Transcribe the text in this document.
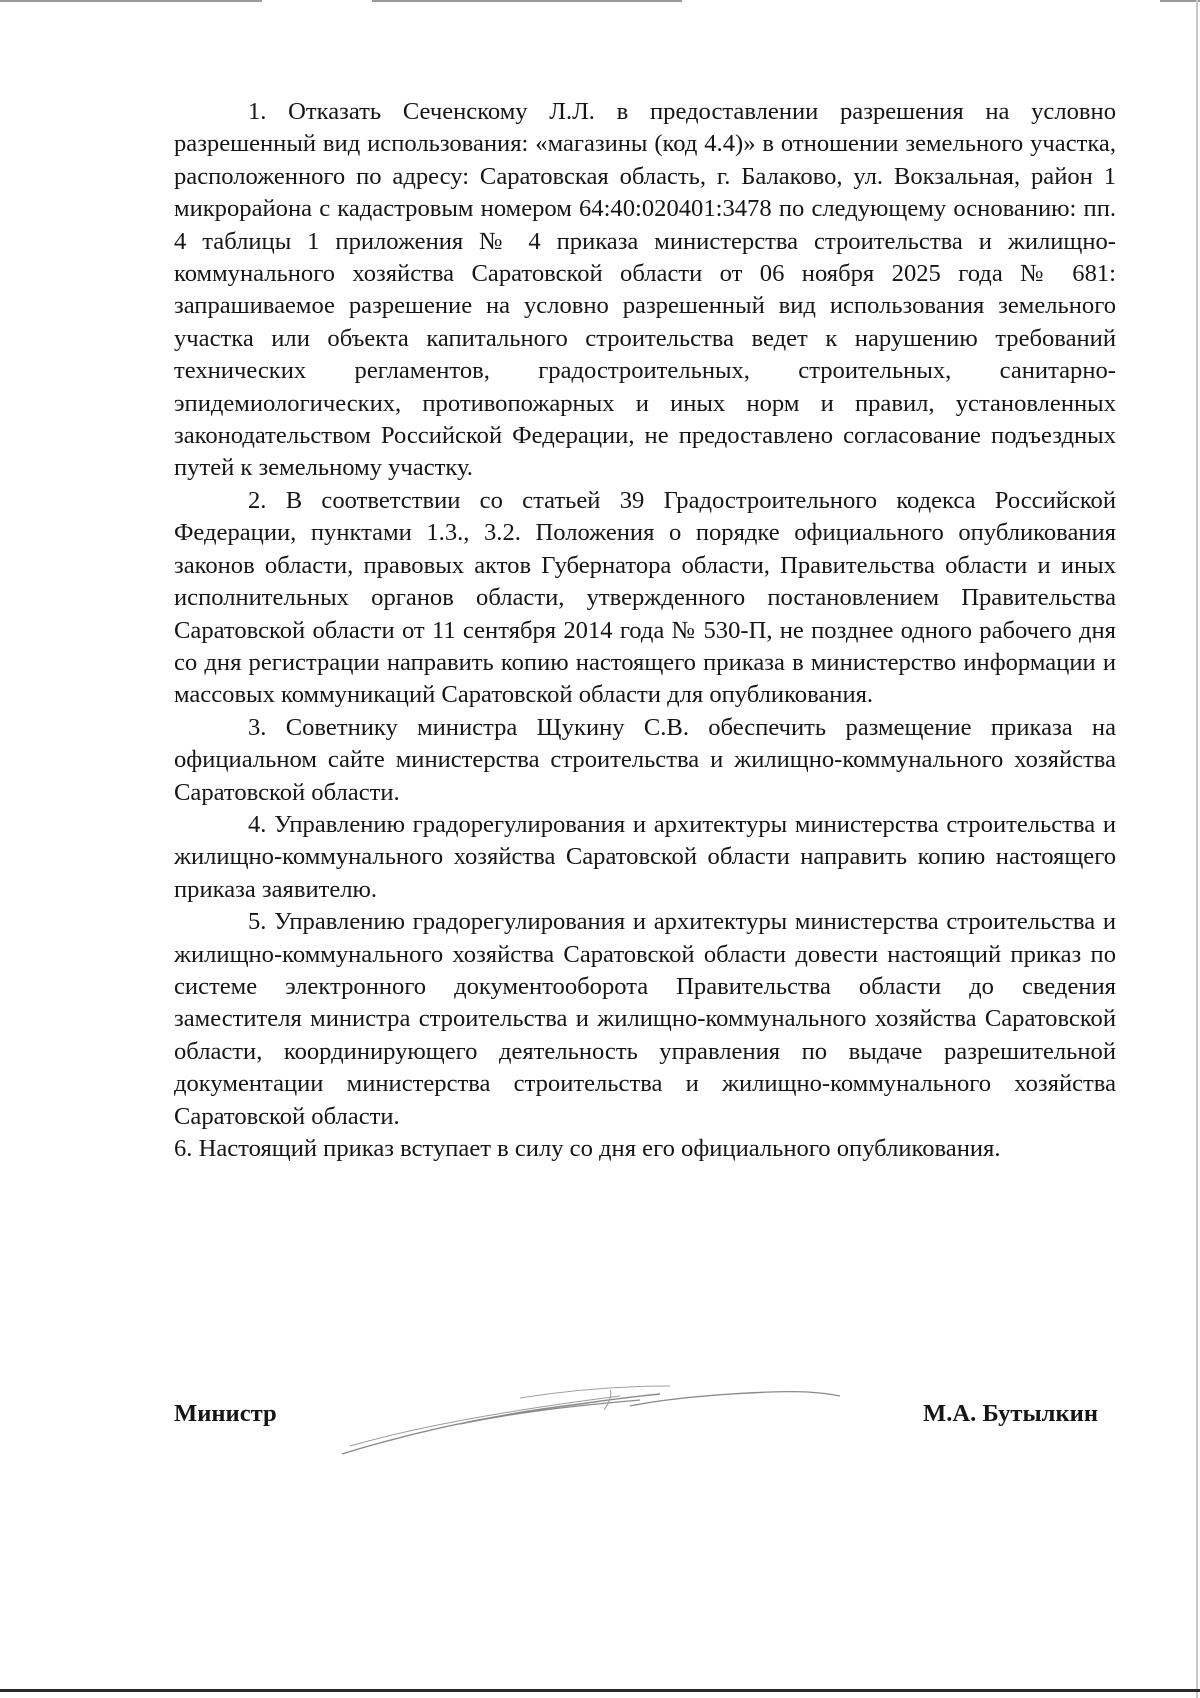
1. Отказать Сеченскому Л.Л. в предоставлении разрешения на условно разрешенный вид использования: «магазины (код 4.4)» в отношении земельного участка, расположенного по адресу: Саратовская область, г. Балаково, ул. Вокзальная, район 1 микрорайона с кадастровым номером 64:40:020401:3478 по следующему основанию: пп. 4 таблицы 1 приложения № 4 приказа министерства строительства и жилищно-коммунального хозяйства Саратовской области от 06 ноября 2025 года № 681: запрашиваемое разрешение на условно разрешенный вид использования земельного участка или объекта капитального строительства ведет к нарушению требований технических регламентов, градостроительных, строительных, санитарно-эпидемиологических, противопожарных и иных норм и правил, установленных законодательством Российской Федерации, не предоставлено согласование подъездных путей к земельному участку.

2. В соответствии со статьей 39 Градостроительного кодекса Российской Федерации, пунктами 1.3., 3.2. Положения о порядке официального опубликования законов области, правовых актов Губернатора области, Правительства области и иных исполнительных органов области, утвержденного постановлением Правительства Саратовской области от 11 сентября 2014 года № 530-П, не позднее одного рабочего дня со дня регистрации направить копию настоящего приказа в министерство информации и массовых коммуникаций Саратовской области для опубликования.

3. Советнику министра Щукину С.В. обеспечить размещение приказа на официальном сайте министерства строительства и жилищно-коммунального хозяйства Саратовской области.

4. Управлению градорегулирования и архитектуры министерства строительства и жилищно-коммунального хозяйства Саратовской области направить копию настоящего приказа заявителю.

5. Управлению градорегулирования и архитектуры министерства строительства и жилищно-коммунального хозяйства Саратовской области довести настоящий приказ по системе электронного документооборота Правительства области до сведения заместителя министра строительства и жилищно-коммунального хозяйства Саратовской области, координирующего деятельность управления по выдаче разрешительной документации министерства строительства и жилищно-коммунального хозяйства Саратовской области.

6. Настоящий приказ вступает в силу со дня его официального опубликования.

Министр	М.А. Бутылкин
